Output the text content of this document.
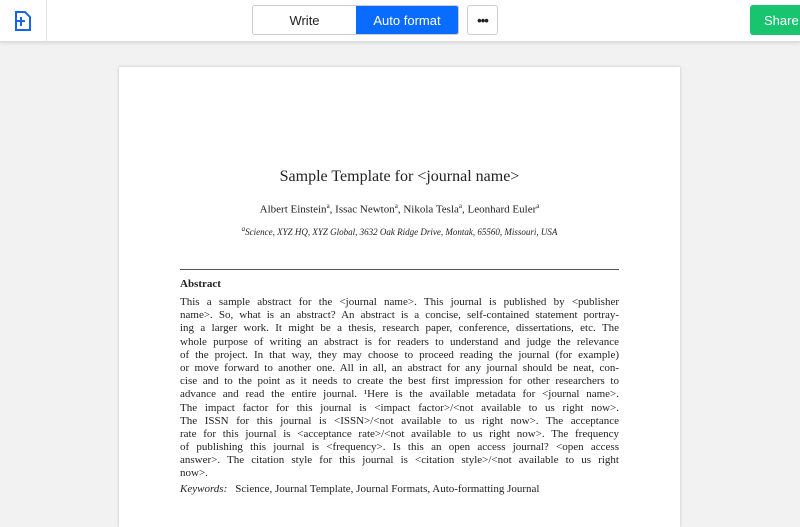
Write	Auto format	•••	Share
Sample Template for <journal name>
Albert Einstein$^a$, Issac Newton$^a$, Nikola Tesla$^a$, Leonhard Euler$^a$
$^a$Science, XYZ HQ, XYZ Global, 3632 Oak Ridge Drive, Montak, 65560, Missouri, USA
Abstract
This a sample abstract for the <journal name>. This journal is published by <publisher
name>. So, what is an abstract? An abstract is a concise, self-contained statement portray-
ing a larger work. It might be a thesis, research paper, conference, dissertations, etc. The
whole purpose of writing an abstract is for readers to understand and judge the relevance
of the project. In that way, they may choose to proceed reading the journal (for example)
or move forward to another one. All in all, an abstract for any journal should be neat, con-
cise and to the point as it needs to create the best first impression for other researchers to
advance and read the entire journal. ¹Here is the available metadata for <journal name>.
The impact factor for this journal is <impact factor>/<not available to us right now>.
The ISSN for this journal is <ISSN>/<not available to us right now>. The acceptance
rate for this journal is <acceptance rate>/<not available to us right now>. The frequency
of publishing this journal is <frequency>. Is this an open access journal? <open access
answer>. The citation style for this journal is <citation style>/<not available to us right
now>.
Keywords: Science, Journal Template, Journal Formats, Auto-formatting Journal
